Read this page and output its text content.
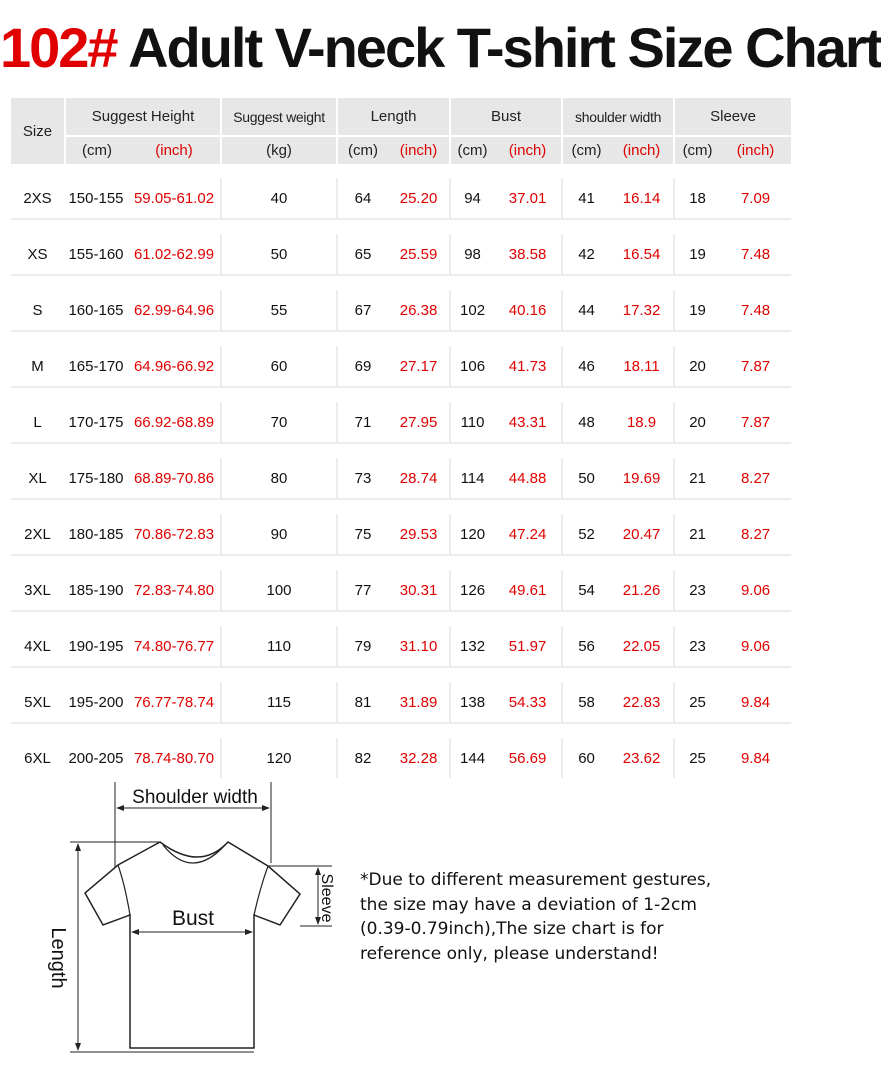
102# Adult V-neck T-shirt Size Chart
Size	Suggest Height		Suggest weight	Length		Bust		shoulder width		Sleeve	
	(cm)	(inch)	(kg)	(cm)	(inch)	(cm)	(inch)	(cm)	(inch)	(cm)	(inch)

2XS	150-155	59.05-61.02	40	64	25.20	94	37.01	41	16.14	18	7.09

XS	155-160	61.02-62.99	50	65	25.59	98	38.58	42	16.54	19	7.48

S	160-165	62.99-64.96	55	67	26.38	102	40.16	44	17.32	19	7.48

M	165-170	64.96-66.92	60	69	27.17	106	41.73	46	18.11	20	7.87

L	170-175	66.92-68.89	70	71	27.95	110	43.31	48	18.9	20	7.87

XL	175-180	68.89-70.86	80	73	28.74	114	44.88	50	19.69	21	8.27

2XL	180-185	70.86-72.83	90	75	29.53	120	47.24	52	20.47	21	8.27

3XL	185-190	72.83-74.80	100	77	30.31	126	49.61	54	21.26	23	9.06

4XL	190-195	74.80-76.77	110	79	31.10	132	51.97	56	22.05	23	9.06

5XL	195-200	76.77-78.74	115	81	31.89	138	54.33	58	22.83	25	9.84

6XL	200-205	78.74-80.70	120	82	32.28	144	56.69	60	23.62	25	9.84
Shoulder width
Bust
Length
Sleeve *Due to different measurement gestures,
the size may have a deviation of 1-2cm
(0.39-0.79inch),The size chart is for
reference only, please understand!
